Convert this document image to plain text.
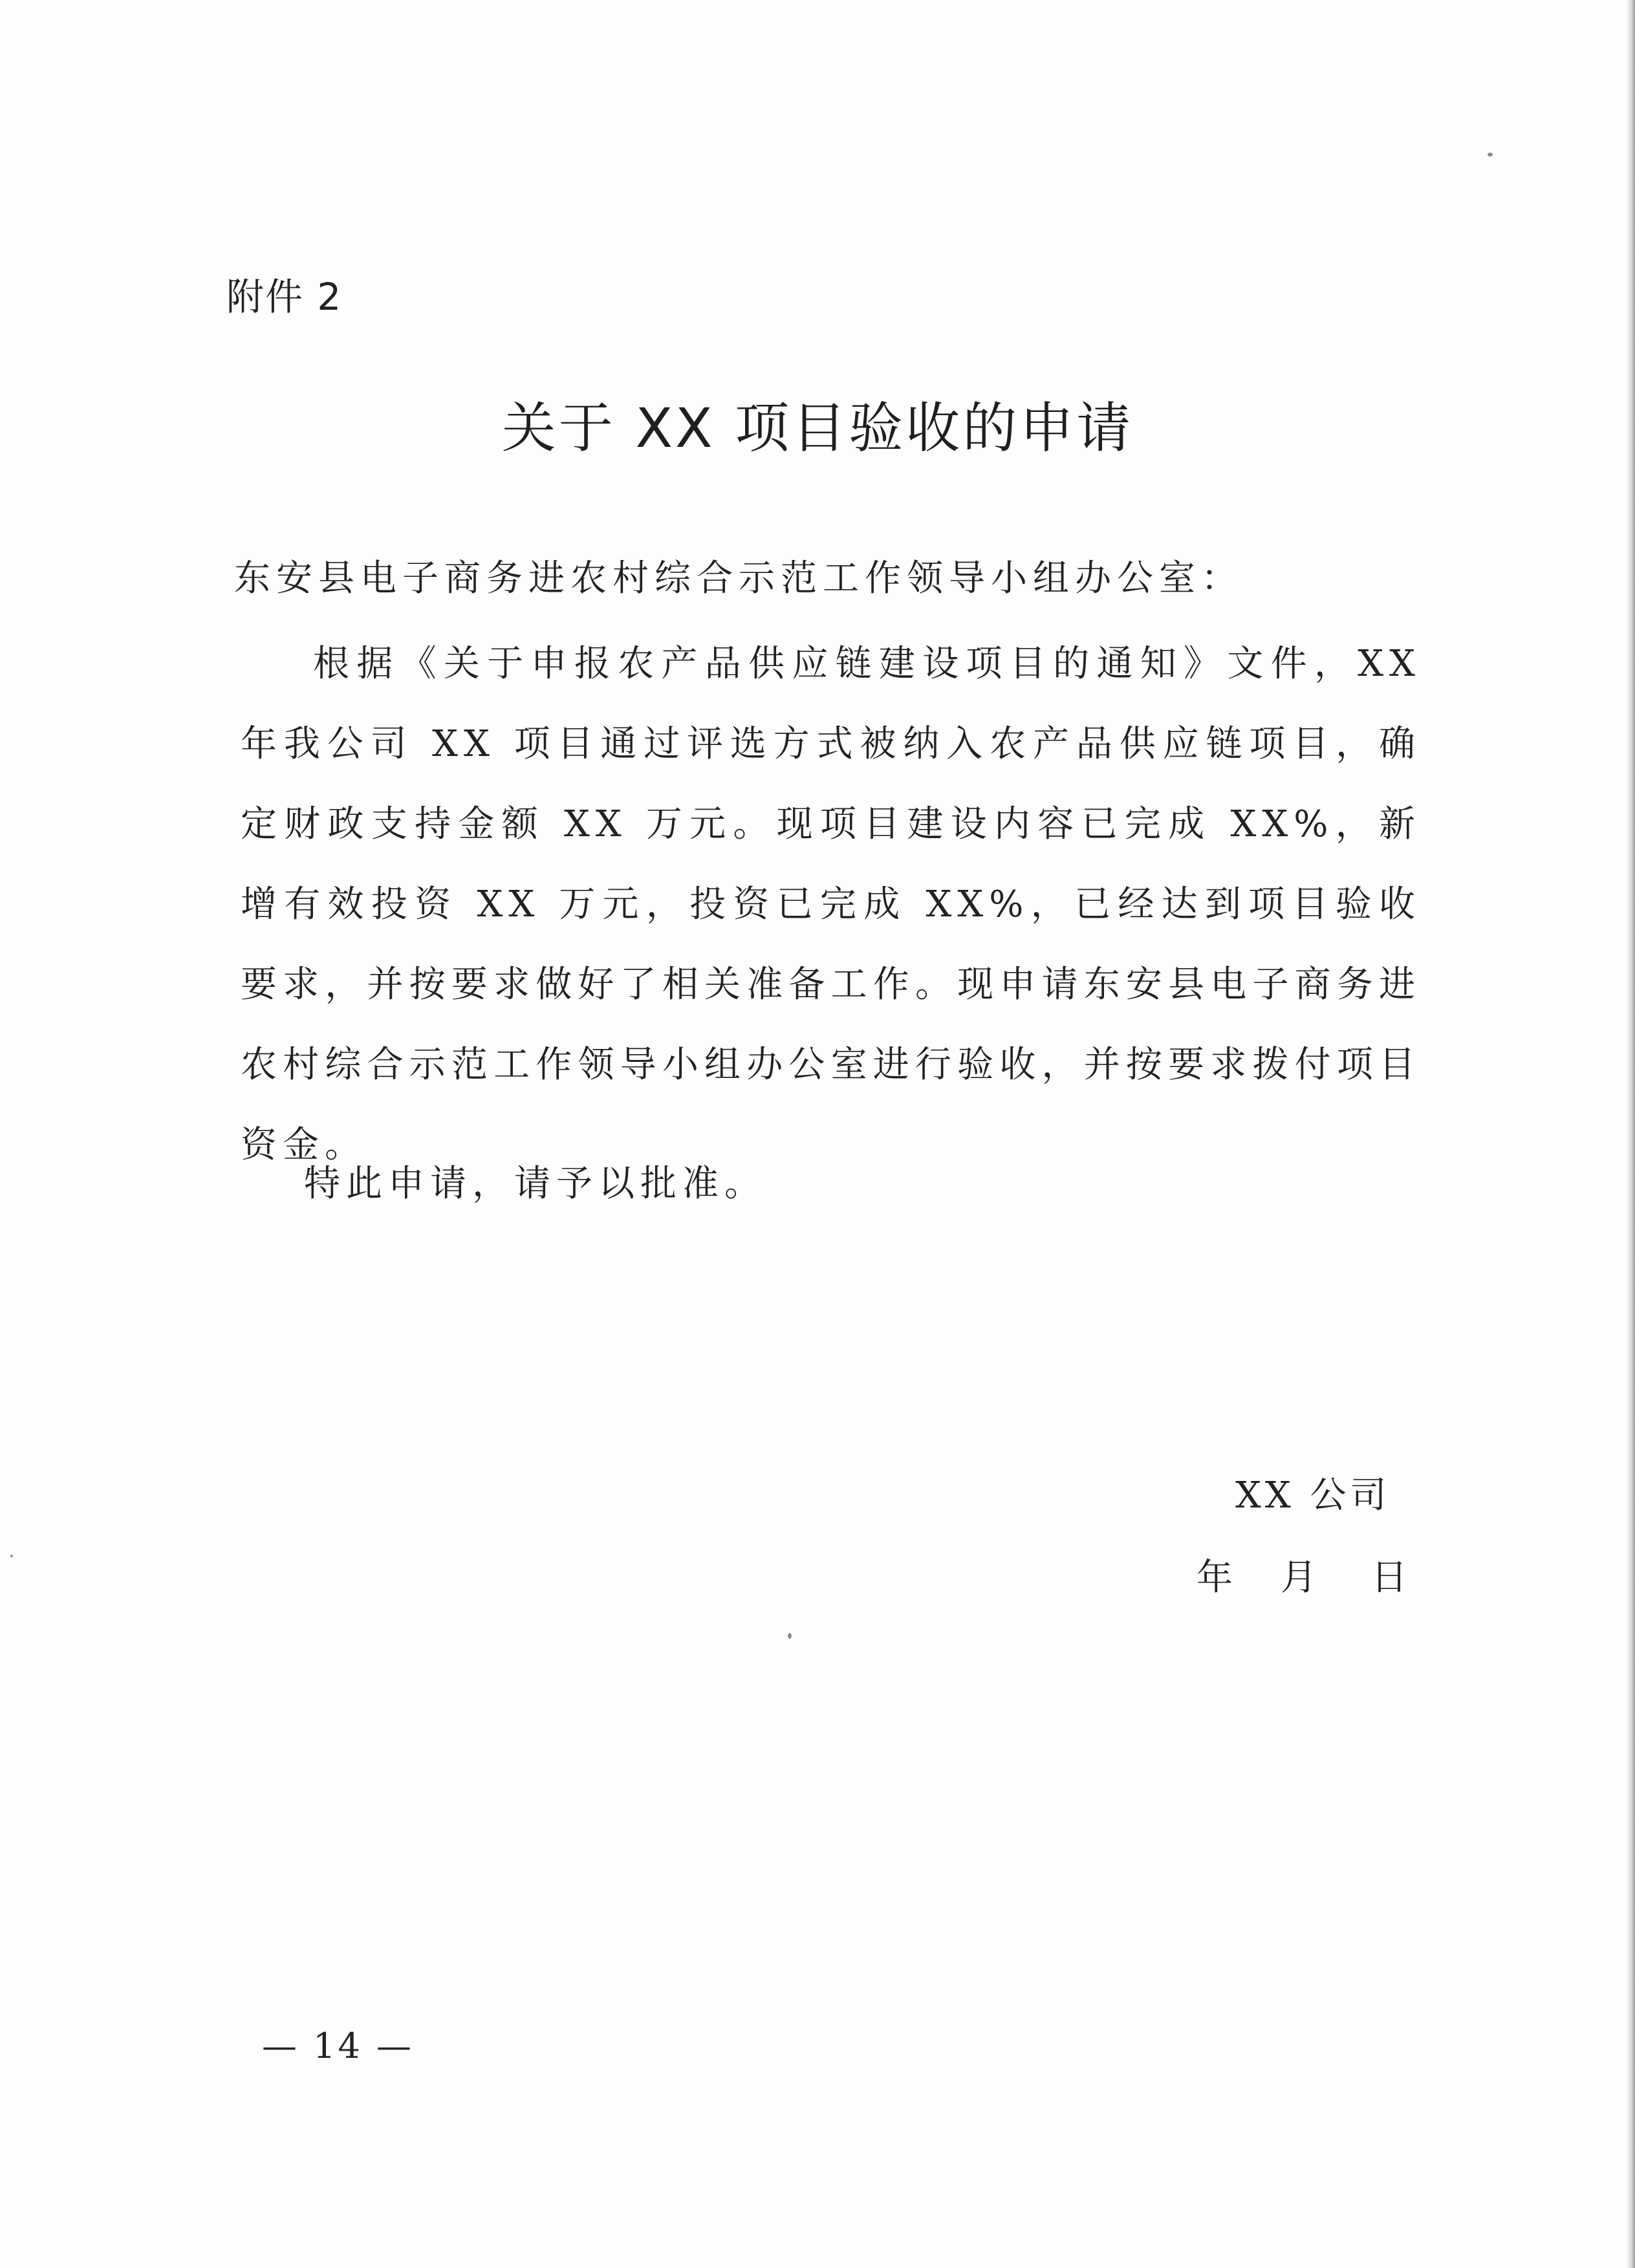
附件 2
关于 XX 项目验收的申请
东安县电子商务进农村综合示范工作领导小组办公室：
根据《关于申报农产品供应链建设项目的通知》文件，XX年我公司 XX 项目通过评选方式被纳入农产品供应链项目，确定财政支持金额 XX 万元。现项目建设内容已完成 XX%，新增有效投资 XX 万元，投资已完成 XX%，已经达到项目验收要求，并按要求做好了相关准备工作。现申请东安县电子商务进农村综合示范工作领导小组办公室进行验收，并按要求拨付项目资金。
特此申请，请予以批准。
XX 公司
年	月	日
— 14 —
